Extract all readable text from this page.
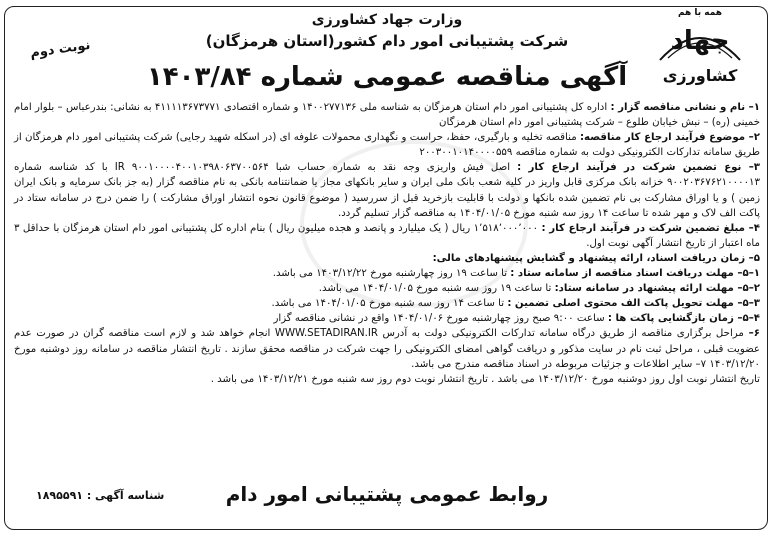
وزارت جهاد کشاورزی
شرکت پشتیبانی امور دام کشور(استان هرمزگان)
آگهی مناقصه عمومی شماره ۱۴۰۳/۸۴
نوبت دوم
همه با هم
جهاد
کشاورزی

۱– نام و نشانی مناقصه گزار : اداره کل پشتیبانی امور دام استان هرمزگان به شناسه ملی ۱۴۰۰۲۷۷۱۳۶ و شماره اقتصادی ۴۱۱۱۱۳۶۷۳۷۷۱ به نشانی: بندرعباس – بلوار امام خمینی (ره) – نبش خیابان طلوع – شرکت پشتیبانی امور دام استان هرمزگان

۲– موضوع فرآیند ارجاع کار مناقصه: مناقصه تخلیه و بارگیری، حفظ، حراست و نگهداری محمولات علوفه ای (در اسکله شهید رجایی) شرکت پشتیبانی امور دام هرمزگان از طریق سامانه تدارکات الکترونیکی دولت به شماره مناقصه ۲۰۰۳۰۰۱۰۱۴۰۰۰۰۵۵۹

۳– نوع تضمین شرکت در فرآیند ارجاع کار : اصل فیش واریزی وجه نقد به شماره حساب شبا IR ۹۰۰۱۰۰۰۰۴۰۰۱۰۳۹۸۰۶۳۷۰۰۵۶۴ با کد شناسه شماره ۹۰۰۲۰۳۶۷۶۲۱۰۰۰۰۱۳ خزانه بانک مرکزی قابل واریز در کلیه شعب بانک ملی ایران و سایر بانکهای مجاز یا ضمانتنامه بانکی به نام مناقصه گزار (به جز بانک سرمایه و بانک ایران زمین ) و یا اوراق مشارکت بی نام تضمین شده بانکها و دولت با قابلیت بازخرید قبل از سررسید ( موضوع قانون نحوه انتشار اوراق مشارکت ) را ضمن درج در سامانه ستاد در پاکت الف لاک و مهر شده تا ساعت ۱۴ روز سه شنبه مورخ ۱۴۰۴/۰۱/۰۵ به مناقصه گزار تسلیم گردد.

۴– مبلغ تضمین شرکت در فرآیند ارجاع کار : ۱٬۵۱۸٬۰۰۰٬۰۰۰ ریال ( یک میلیارد و پانصد و هجده میلیون ریال ) بنام اداره کل پشتیبانی امور دام استان هرمزگان با حداقل ۳ ماه اعتبار از تاریخ انتشار آگهی نوبت اول.

۵– زمان دریافت اسناد، ارائه پیشنهاد و گشایش پیشنهادهای مالی:

۱–۵– مهلت دریافت اسناد مناقصه از سامانه ستاد : تا ساعت ۱۹ روز چهارشنبه مورخ ۱۴۰۳/۱۲/۲۲ می باشد.

۲–۵– مهلت ارائه پیشنهاد در سامانه ستاد: تا ساعت ۱۹ روز سه شنبه مورخ ۱۴۰۴/۰۱/۰۵ می باشد.

۳–۵– مهلت تحویل پاکت الف محتوی اصلی تضمین : تا ساعت ۱۴ روز سه شنبه مورخ ۱۴۰۴/۰۱/۰۵ می باشد.

۴–۵– زمان بازگشایی پاکت ها : ساعت ۹:۰۰ صبح روز چهارشنبه مورخ ۱۴۰۴/۰۱/۰۶ واقع در نشانی مناقصه گزار

۶– مراحل برگزاری مناقصه از طریق درگاه سامانه تدارکات الکترونیکی دولت به آدرس WWW.SETADIRAN.IR انجام خواهد شد و لازم است مناقصه گران در صورت عدم عضویت قبلی ، مراحل ثبت نام در سایت مذکور و دریافت گواهی امضای الکترونیکی را جهت شرکت در مناقصه محقق سازند . تاریخ انتشار مناقصه در سامانه روز دوشنبه مورخ ۱۴۰۳/۱۲/۲۰ ۷– سایر اطلاعات و جزئیات مربوطه در اسناد مناقصه مندرج می باشد.

تاریخ انتشار نوبت اول روز دوشنبه مورخ ۱۴۰۳/۱۲/۲۰ می باشد . تاریخ انتشار نوبت دوم روز سه شنبه مورخ ۱۴۰۳/۱۲/۲۱ می باشد .

روابط عمومی پشتیبانی امور دام
شناسه آگهی : ۱۸۹۵۵۹۱
